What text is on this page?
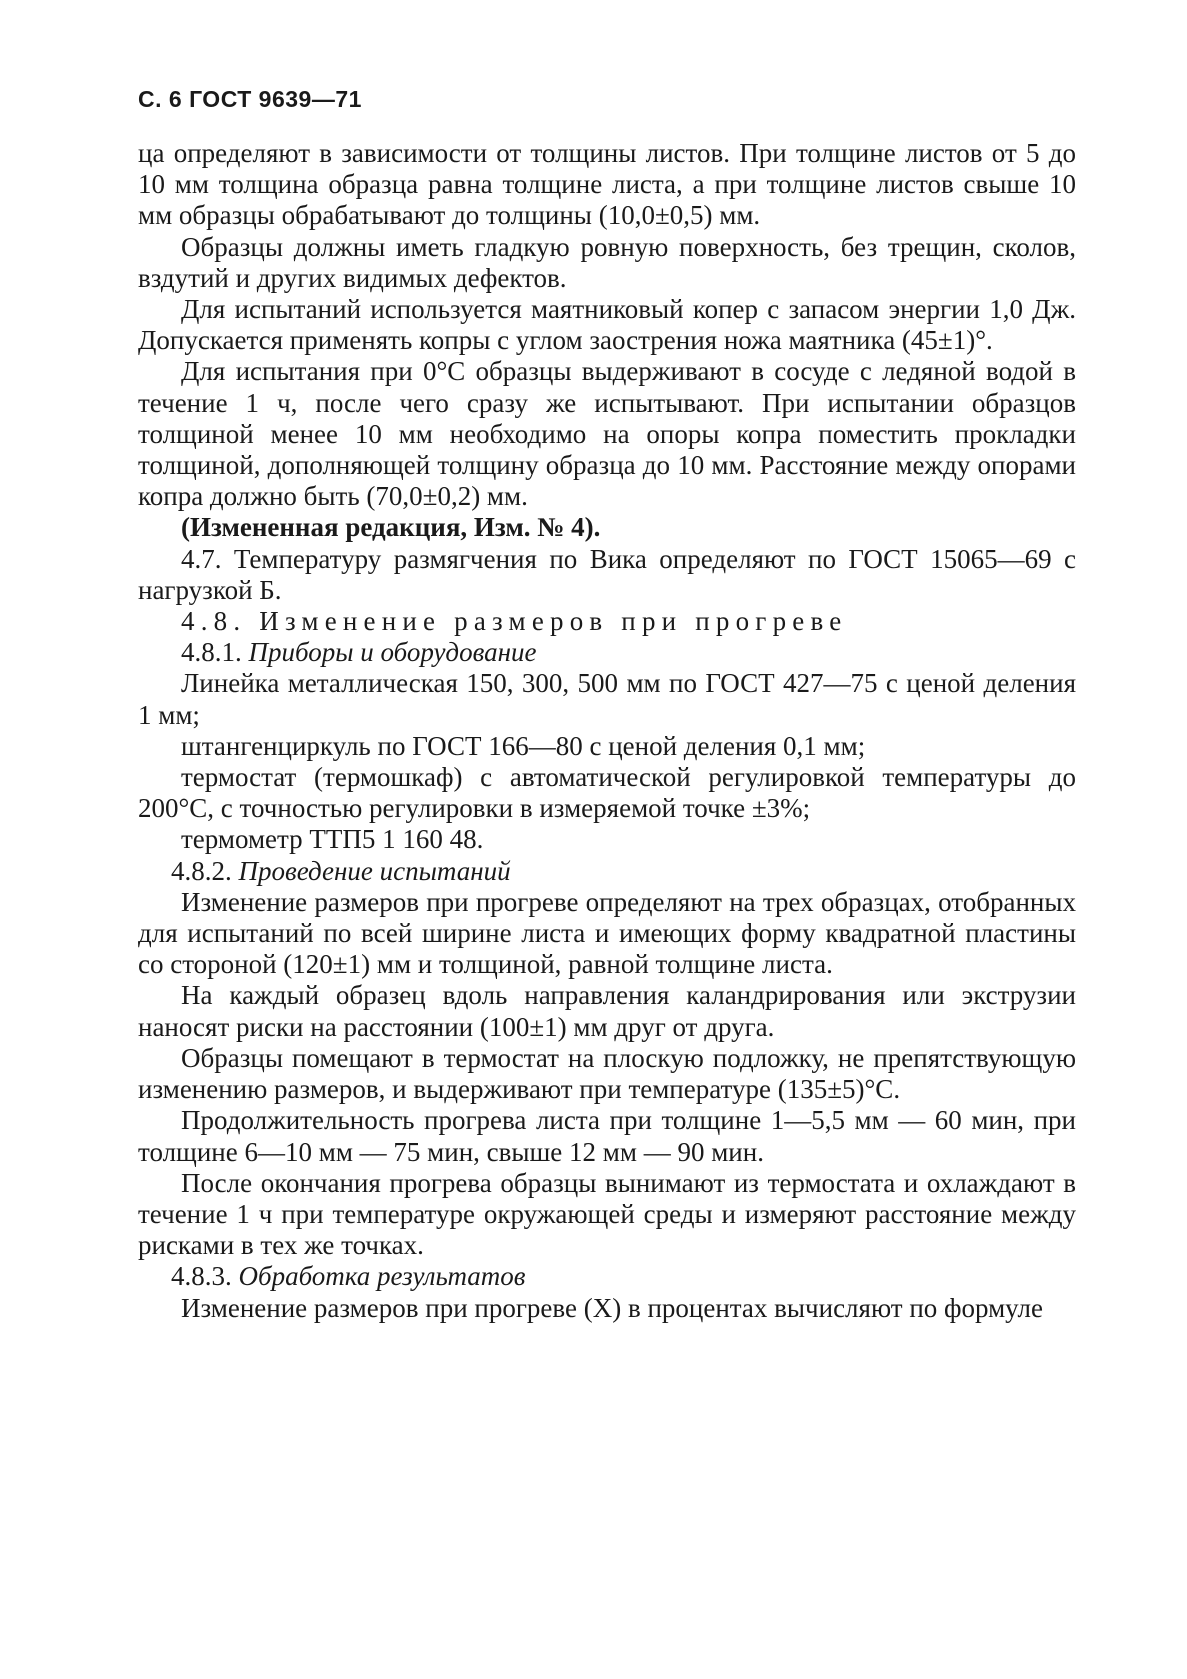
С. 6 ГОСТ 9639—71

ца определяют в зависимости от толщины листов. При толщине листов от 5 до 10 мм толщина образца равна толщине листа, а при толщине листов свыше 10 мм образцы обрабатывают до толщины (10,0±0,5) мм.

Образцы должны иметь гладкую ровную поверхность, без трещин, сколов, вздутий и других видимых дефектов.

Для испытаний используется маятниковый копер с запасом энергии 1,0 Дж. Допускается применять копры с углом заострения ножа маятника (45±1)°.

Для испытания при 0°С образцы выдерживают в сосуде с ледяной водой в течение 1 ч, после чего сразу же испытывают. При испытании образцов толщиной менее 10 мм необходимо на опоры копра поместить прокладки толщиной, дополняющей толщину образца до 10 мм. Расстояние между опорами копра должно быть (70,0±0,2) мм.

(Измененная редакция, Изм. № 4).

4.7. Температуру размягчения по Вика определяют по ГОСТ 15065—69 с нагрузкой Б.

4.8. Изменение размеров при прогреве

4.8.1. Приборы и оборудование

Линейка металлическая 150, 300, 500 мм по ГОСТ 427—75 с ценой деления 1 мм;

штангенциркуль по ГОСТ 166—80 с ценой деления 0,1 мм;

термостат (термошкаф) с автоматической регулировкой температуры до 200°С, с точностью регулировки в измеряемой точке ±3%;

термометр ТТП5 1 160 48.

4.8.2. Проведение испытаний

Изменение размеров при прогреве определяют на трех образцах, отобранных для испытаний по всей ширине листа и имеющих форму квадратной пластины со стороной (120±1) мм и толщиной, равной толщине листа.

На каждый образец вдоль направления каландрирования или экструзии наносят риски на расстоянии (100±1) мм друг от друга.

Образцы помещают в термостат на плоскую подложку, не препятствующую изменению размеров, и выдерживают при температуре (135±5)°С.

Продолжительность прогрева листа при толщине 1—5,5 мм — 60 мин, при толщине 6—10 мм — 75 мин, свыше 12 мм — 90 мин.

После окончания прогрева образцы вынимают из термостата и охлаждают в течение 1 ч при температуре окружающей среды и измеряют расстояние между рисками в тех же точках.

4.8.3. Обработка результатов

Изменение размеров при прогреве (X) в процентах вычисляют по формуле
